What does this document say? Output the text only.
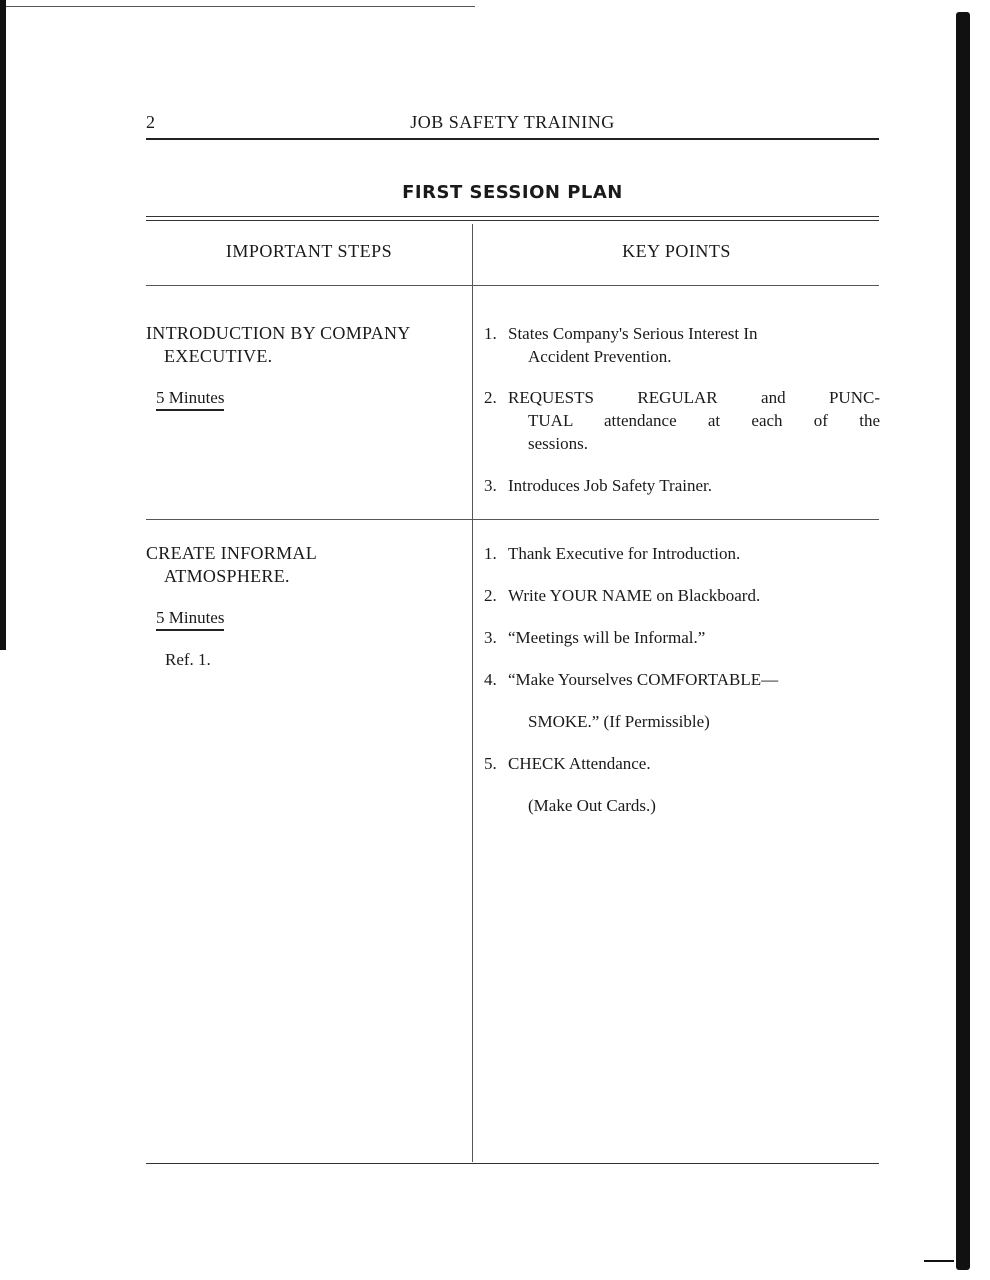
JOB SAFETY TRAINING
2
FIRST SESSION PLAN
IMPORTANT STEPS	KEY POINTS
INTRODUCTION BY COMPANY
EXECUTIVE.
5 Minutes
1. States Company's Serious Interest In
Accident Prevention.
2. REQUESTS REGULAR and PUNC-
TUAL attendance at each of the
sessions.
3. Introduces Job Safety Trainer.
CREATE INFORMAL
ATMOSPHERE.
5 Minutes
Ref. 1.
1. Thank Executive for Introduction.
2. Write YOUR NAME on Blackboard.
3. “Meetings will be Informal.”
4. “Make Yourselves COMFORTABLE—
SMOKE.” (If Permissible)
5. CHECK Attendance.
(Make Out Cards.)
